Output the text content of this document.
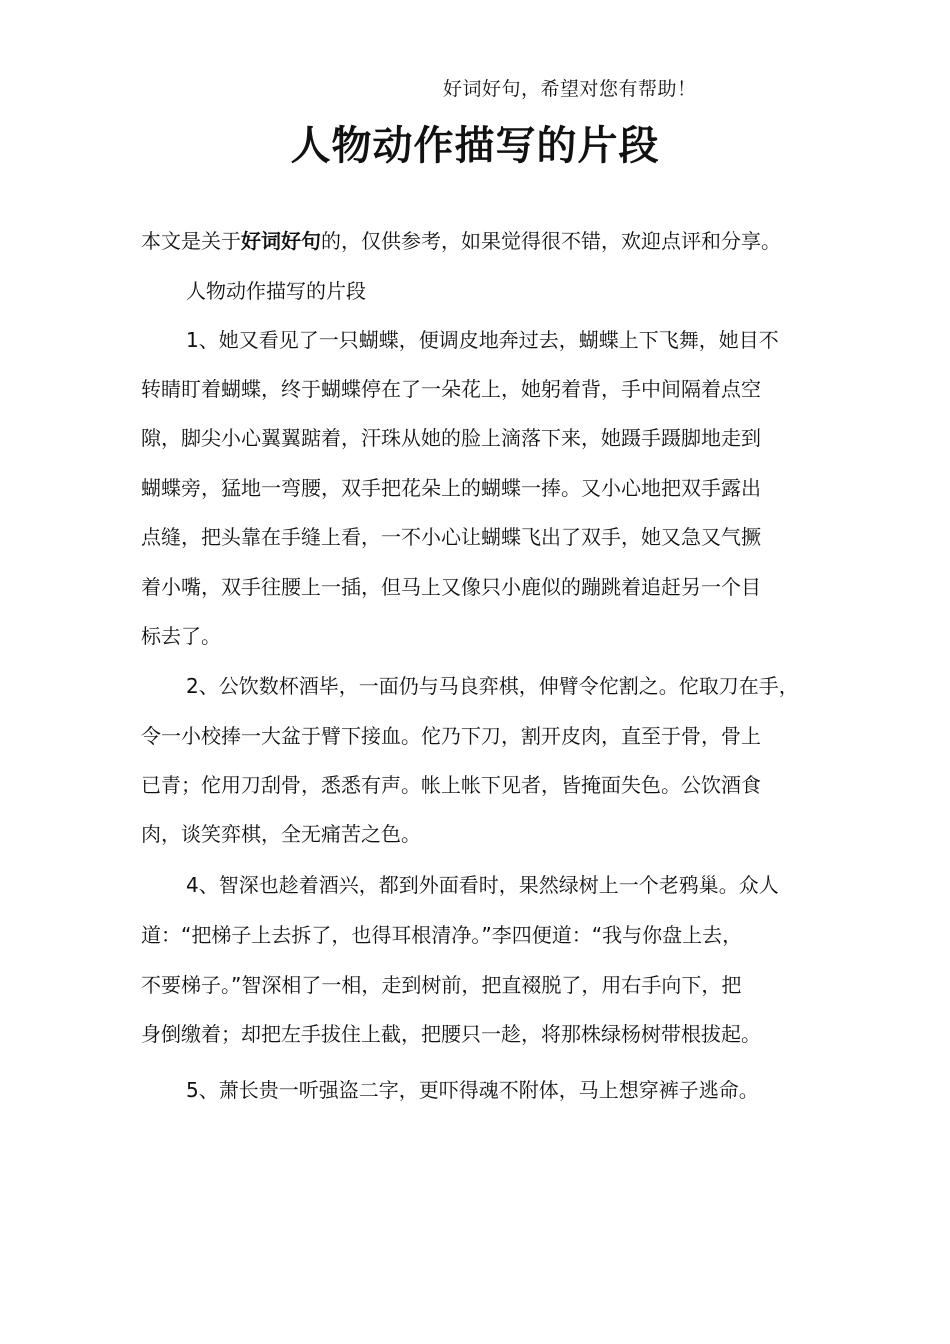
好词好句，希望对您有帮助！
人物动作描写的片段
本文是关于好词好句的，仅供参考，如果觉得很不错，欢迎点评和分享。
人物动作描写的片段
1、她又看见了一只蝴蝶，便调皮地奔过去，蝴蝶上下飞舞，她目不
转睛盯着蝴蝶，终于蝴蝶停在了一朵花上，她躬着背，手中间隔着点空
隙，脚尖小心翼翼踮着，汗珠从她的脸上滴落下来，她蹑手蹑脚地走到
蝴蝶旁，猛地一弯腰，双手把花朵上的蝴蝶一捧。又小心地把双手露出
点缝，把头靠在手缝上看，一不小心让蝴蝶飞出了双手，她又急又气撅
着小嘴，双手往腰上一插，但马上又像只小鹿似的蹦跳着追赶另一个目
标去了。
2、公饮数杯酒毕，一面仍与马良弈棋，伸臂令佗割之。佗取刀在手，
令一小校捧一大盆于臂下接血。佗乃下刀，割开皮肉，直至于骨，骨上
已青；佗用刀刮骨，悉悉有声。帐上帐下见者，皆掩面失色。公饮酒食
肉，谈笑弈棋，全无痛苦之色。
4、智深也趁着酒兴，都到外面看时，果然绿树上一个老鸦巢。众人
道：“把梯子上去拆了，也得耳根清净。”李四便道：“我与你盘上去，
不要梯子。”智深相了一相，走到树前，把直裰脱了，用右手向下，把
身倒缴着；却把左手拔住上截，把腰只一趁，将那株绿杨树带根拔起。
5、萧长贵一听强盗二字，更吓得魂不附体，马上想穿裤子逃命。
